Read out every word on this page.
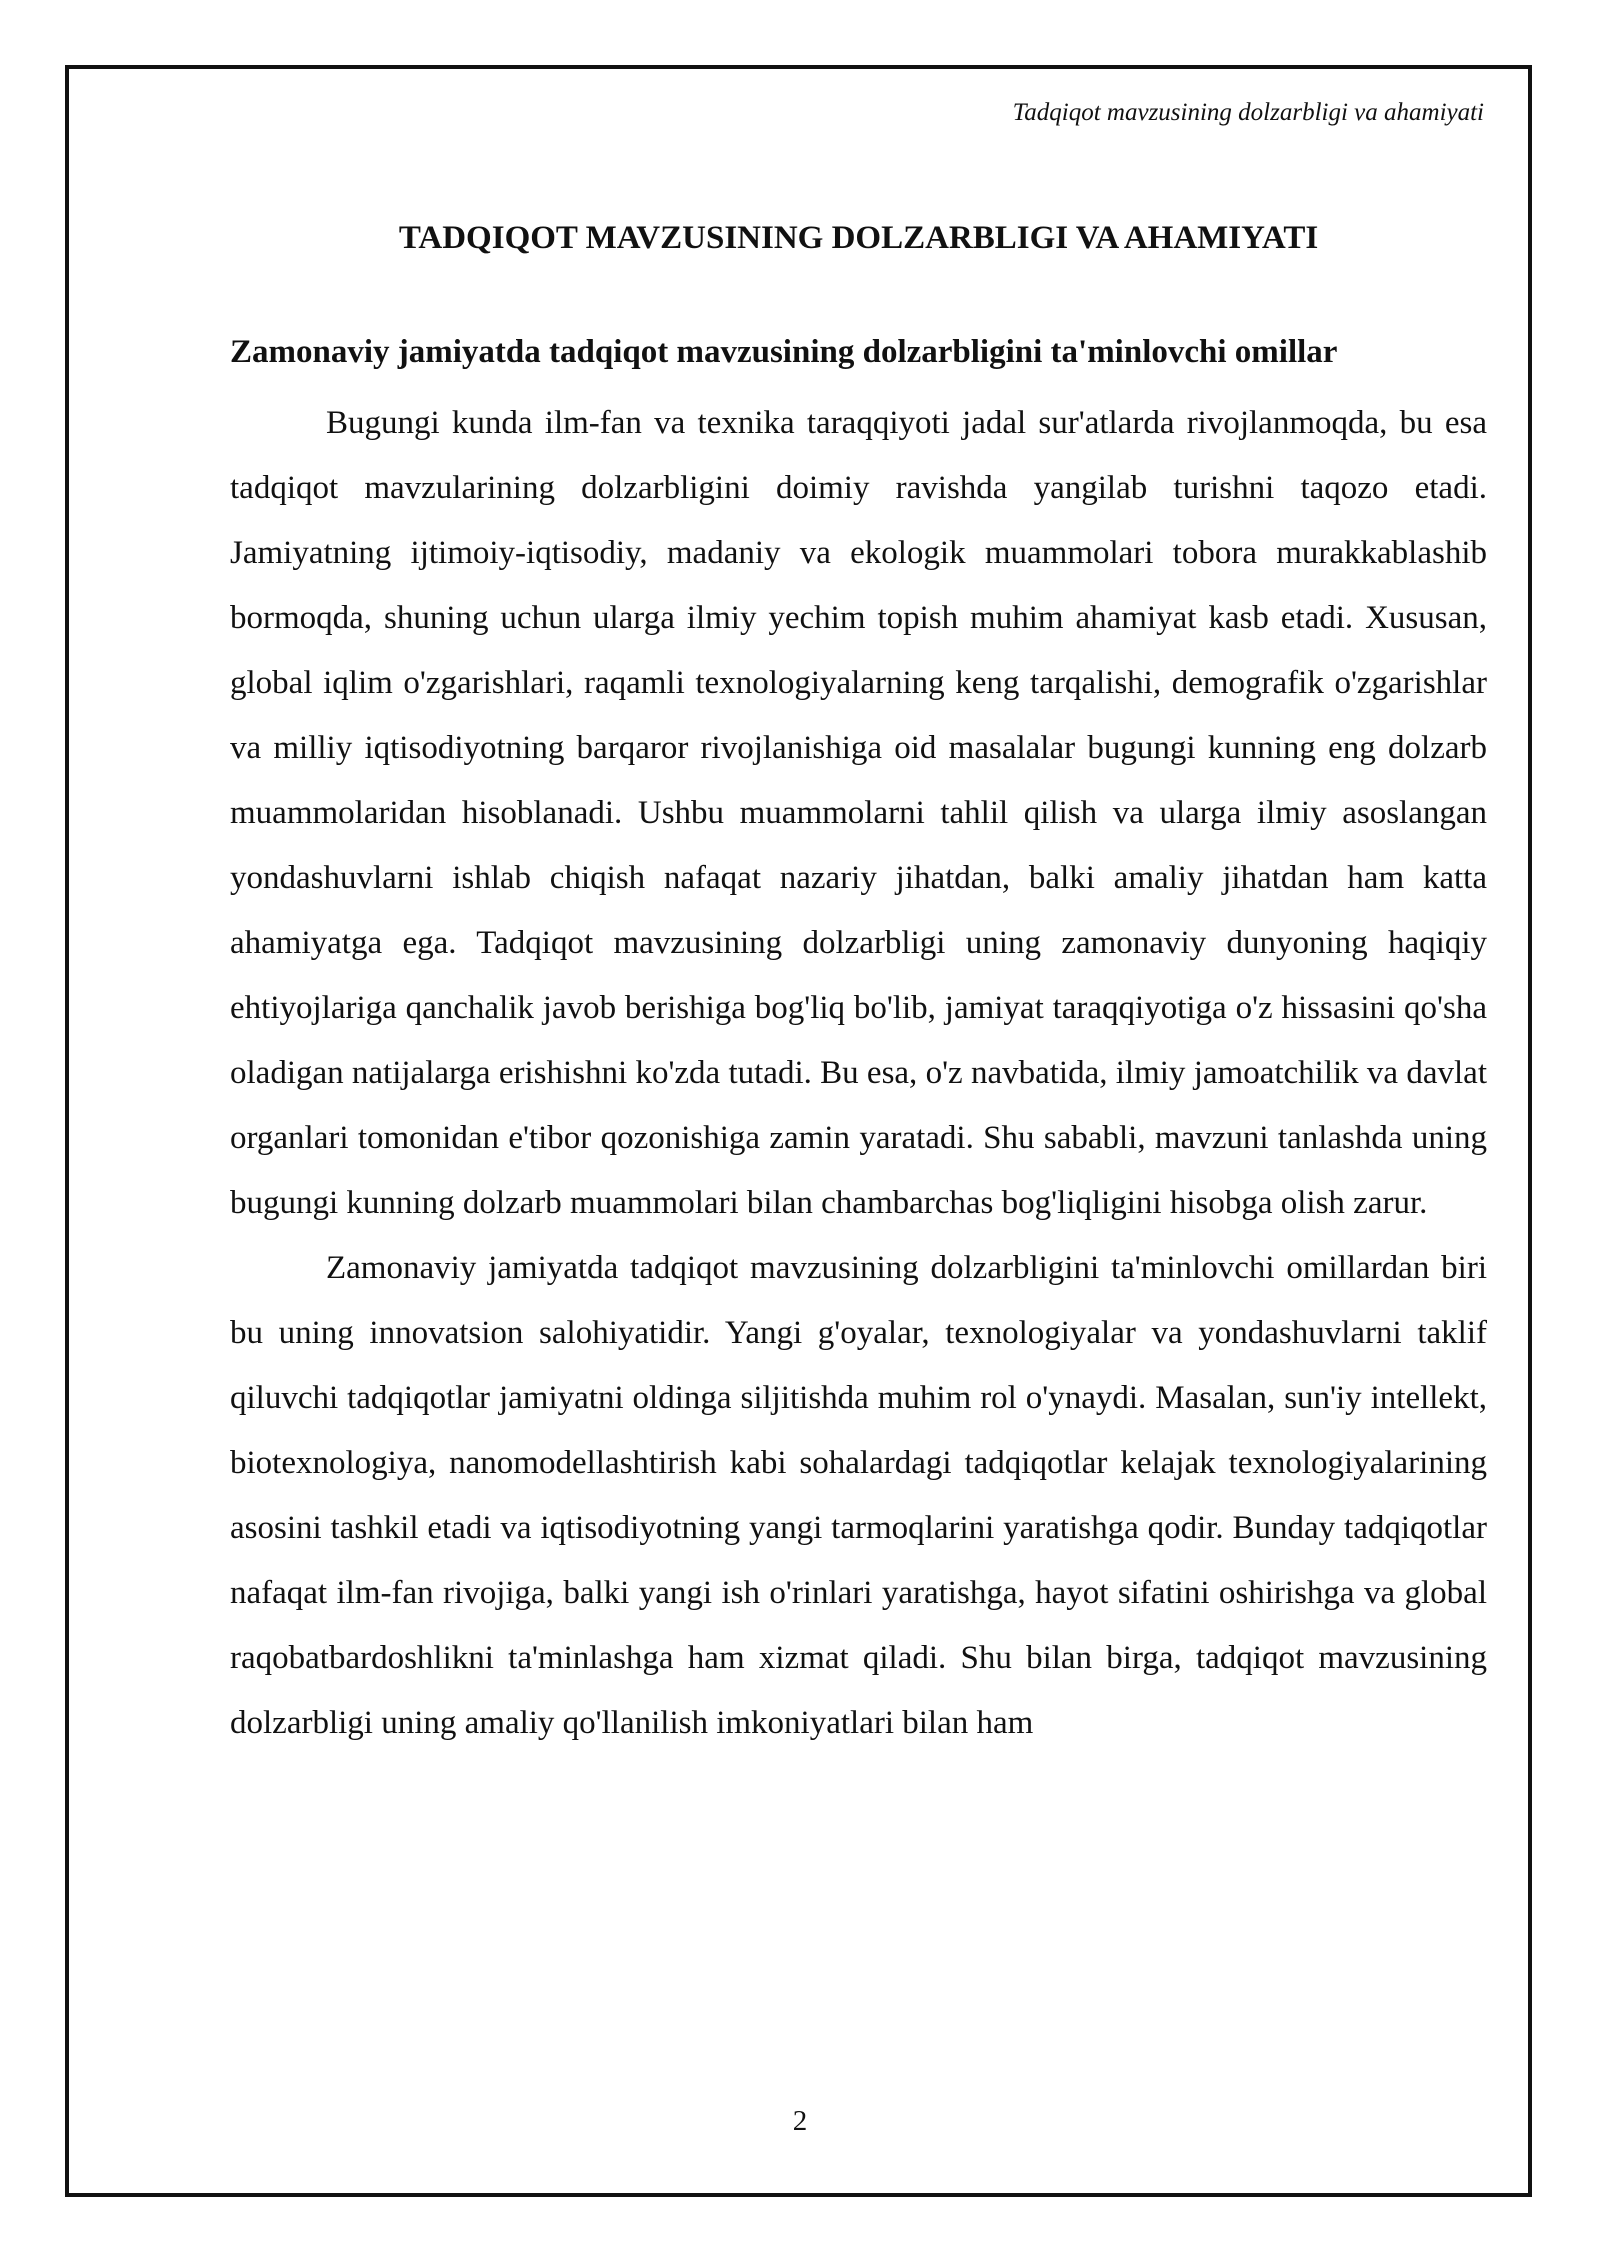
Tadqiqot mavzusining dolzarbligi va ahamiyati
TADQIQOT MAVZUSINING DOLZARBLIGI VA AHAMIYATI
Zamonaviy jamiyatda tadqiqot mavzusining dolzarbligini ta'minlovchi omillar

Bugungi kunda ilm-fan va texnika taraqqiyoti jadal sur'atlarda rivojlanmoqda, bu esa tadqiqot mavzularining dolzarbligini doimiy ravishda yangilab turishni taqozo etadi. Jamiyatning ijtimoiy-iqtisodiy, madaniy va ekologik muammolari tobora murakkablashib bormoqda, shuning uchun ularga ilmiy yechim topish muhim ahamiyat kasb etadi. Xususan, global iqlim o'zgarishlari, raqamli texnologiyalarning keng tarqalishi, demografik o'zgarishlar va milliy iqtisodiyotning barqaror rivojlanishiga oid masalalar bugungi kunning eng dolzarb muammolaridan hisoblanadi. Ushbu muammolarni tahlil qilish va ularga ilmiy asoslangan yondashuvlarni ishlab chiqish nafaqat nazariy jihatdan, balki amaliy jihatdan ham katta ahamiyatga ega. Tadqiqot mavzusining dolzarbligi uning zamonaviy dunyoning haqiqiy ehtiyojlariga qanchalik javob berishiga bog'liq bo'lib, jamiyat taraqqiyotiga o'z hissasini qo'sha oladigan natijalarga erishishni ko'zda tutadi. Bu esa, o'z navbatida, ilmiy jamoatchilik va davlat organlari tomonidan e'tibor qozonishiga zamin yaratadi. Shu sababli, mavzuni tanlashda uning bugungi kunning dolzarb muammolari bilan chambarchas bog'liqligini hisobga olish zarur.

Zamonaviy jamiyatda tadqiqot mavzusining dolzarbligini ta'minlovchi omillardan biri bu uning innovatsion salohiyatidir. Yangi g'oyalar, texnologiyalar va yondashuvlarni taklif qiluvchi tadqiqotlar jamiyatni oldinga siljitishda muhim rol o'ynaydi. Masalan, sun'iy intellekt, biotexnologiya, nanomodellashtirish kabi sohalardagi tadqiqotlar kelajak texnologiyalarining asosini tashkil etadi va iqtisodiyotning yangi tarmoqlarini yaratishga qodir. Bunday tadqiqotlar nafaqat ilm-fan rivojiga, balki yangi ish o'rinlari yaratishga, hayot sifatini oshirishga va global raqobatbardoshlikni ta'minlashga ham xizmat qiladi. Shu bilan birga, tadqiqot mavzusining dolzarbligi uning amaliy qo'llanilish imkoniyatlari bilan ham

2
